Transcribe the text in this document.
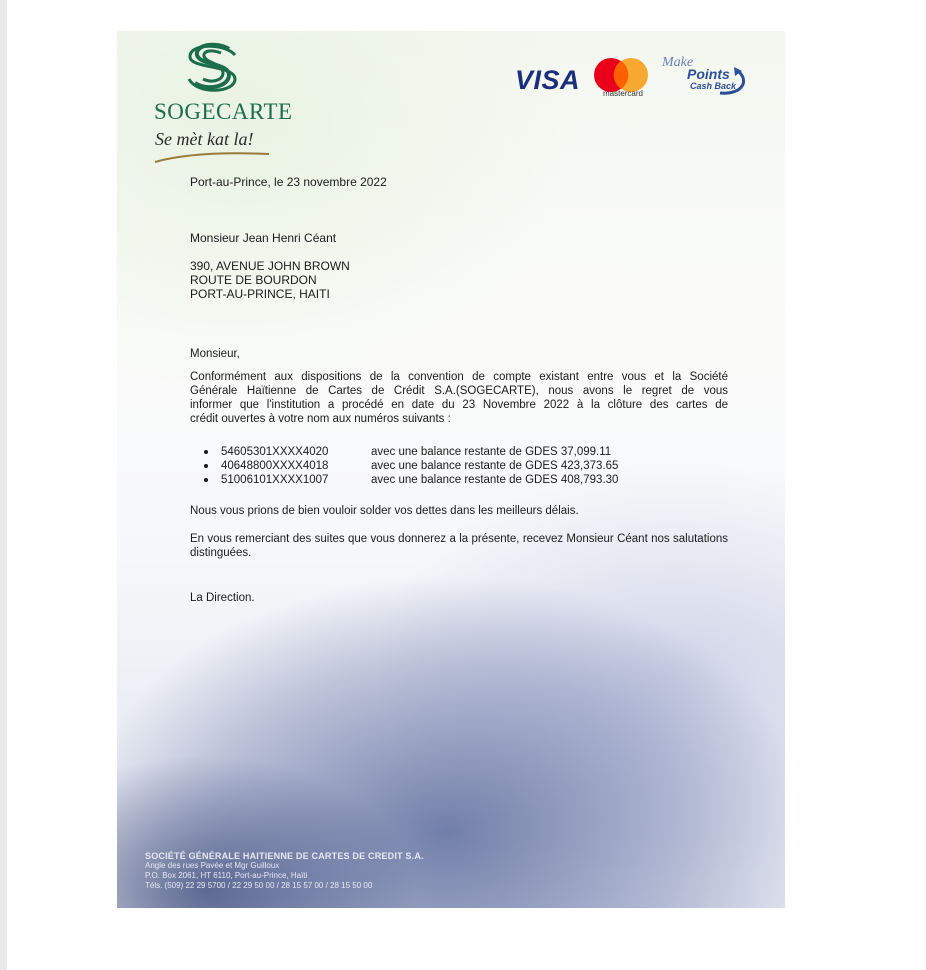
SOGECARTE
Se mèt kat la!
VISA	mastercard
Make
Points
Cash Back
Port-au-Prince, le 23 novembre 2022
Monsieur Jean Henri Céant
390, AVENUE JOHN BROWN
ROUTE DE BOURDON
PORT-AU-PRINCE, HAITI
Monsieur,
Conformément aux dispositions de la convention de compte existant entre vous et la Société
Générale Haïtienne de Cartes de Crédit S.A.(SOGECARTE), nous avons le regret de vous
informer que l'institution a procédé en date du 23 Novembre 2022 à la clôture des cartes de
crédit ouvertes à votre nom aux numéros suivants :
54605301XXXX4020	avec une balance restante de GDES 37,099.11
40648800XXXX4018	avec une balance restante de GDES 423,373.65
51006101XXXX1007	avec une balance restante de GDES 408,793.30
Nous vous prions de bien vouloir solder vos dettes dans les meilleurs délais.
En vous remerciant des suites que vous donnerez a la présente, recevez Monsieur Céant nos salutations distinguées.
La Direction.
SOCIÉTÉ GÉNÉRALE HAITIENNE DE CARTES DE CREDIT S.A.
Angle des rues Pavée et Mgr Guilloux
P.O. Box 2061, HT 6110, Port-au-Prince, Haïti
Téls. (509) 22 29 5700 / 22 29 50 00 / 28 15 57 00 / 28 15 50 00
